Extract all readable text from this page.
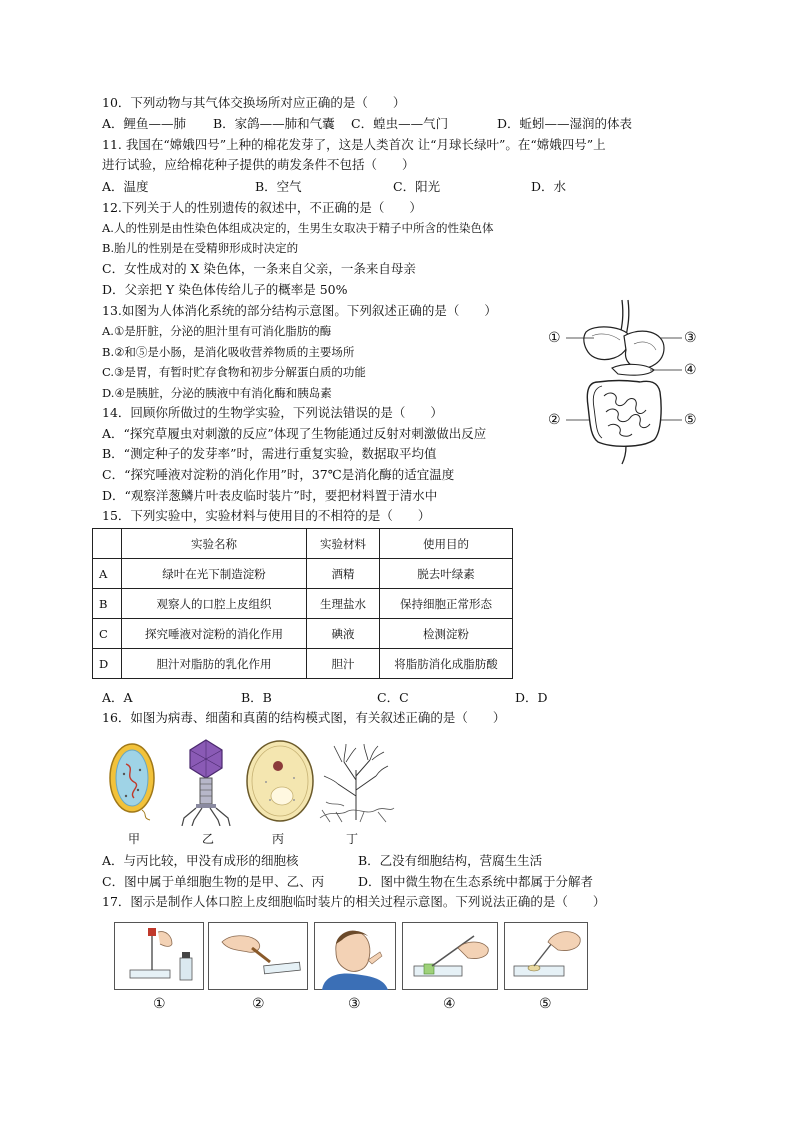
10．下列动物与其气体交换场所对应正确的是（　　）
A．鲤鱼——肺 B．家鸽——肺和气囊 C．蝗虫——气门	D．蚯蚓——湿润的体表
11. 我国在“嫦娥四号”上种的棉花发芽了，这是人类首次 让“月球长绿叶”。在“嫦娥四号”上
进行试验，应给棉花种子提供的萌发条件不包括（　　）
A．温度	B．空气	C．阳光	D．水
12.下列关于人的性别遗传的叙述中，不正确的是（　　）
A.人的性别是由性染色体组成决定的，生男生女取决于精子中所含的性染色体
B.胎儿的性别是在受精卵形成时决定的
C．女性成对的 X 染色体，一条来自父亲，一条来自母亲
D．父亲把 Y 染色体传给儿子的概率是 50%
13.如图为人体消化系统的部分结构示意图。下列叙述正确的是（　　）
A.①是肝脏，分泌的胆汁里有可消化脂肪的酶
B.②和⑤是小肠，是消化吸收营养物质的主要场所
C.③是胃，有暂时贮存食物和初步分解蛋白质的功能
D.④是胰脏，分泌的胰液中有消化酶和胰岛素
①	③
④
②	⑤
14．回顾你所做过的生物学实验，下列说法错误的是（　　）
A．“探究草履虫对刺激的反应”体现了生物能通过反射对刺激做出反应
B．“测定种子的发芽率”时，需进行重复实验，数据取平均值
C．“探究唾液对淀粉的消化作用”时，37℃是消化酶的适宜温度
D．“观察洋葱鳞片叶表皮临时装片”时，要把材料置于清水中
15．下列实验中，实验材料与使用目的不相符的是（　　）
	实验名称	实验材料	使用目的
A	绿叶在光下制造淀粉	酒精	脱去叶绿素
B	观察人的口腔上皮组织	生理盐水	保持细胞正常形态
C	探究唾液对淀粉的消化作用	碘液	检测淀粉
D	胆汁对脂肪的乳化作用	胆汁	将脂肪消化成脂肪酸
A．A	B．B	C．C	D．D
16．如图为病毒、细菌和真菌的结构模式图，有关叙述正确的是（　　）
甲	乙	丙	丁
A．与丙比较，甲没有成形的细胞核	B．乙没有细胞结构，营腐生生活
C．图中属于单细胞生物的是甲、乙、丙	D．图中微生物在生态系统中都属于分解者
17．图示是制作人体口腔上皮细胞临时装片的相关过程示意图。下列说法正确的是（　　）
①	②	③	④	⑤
